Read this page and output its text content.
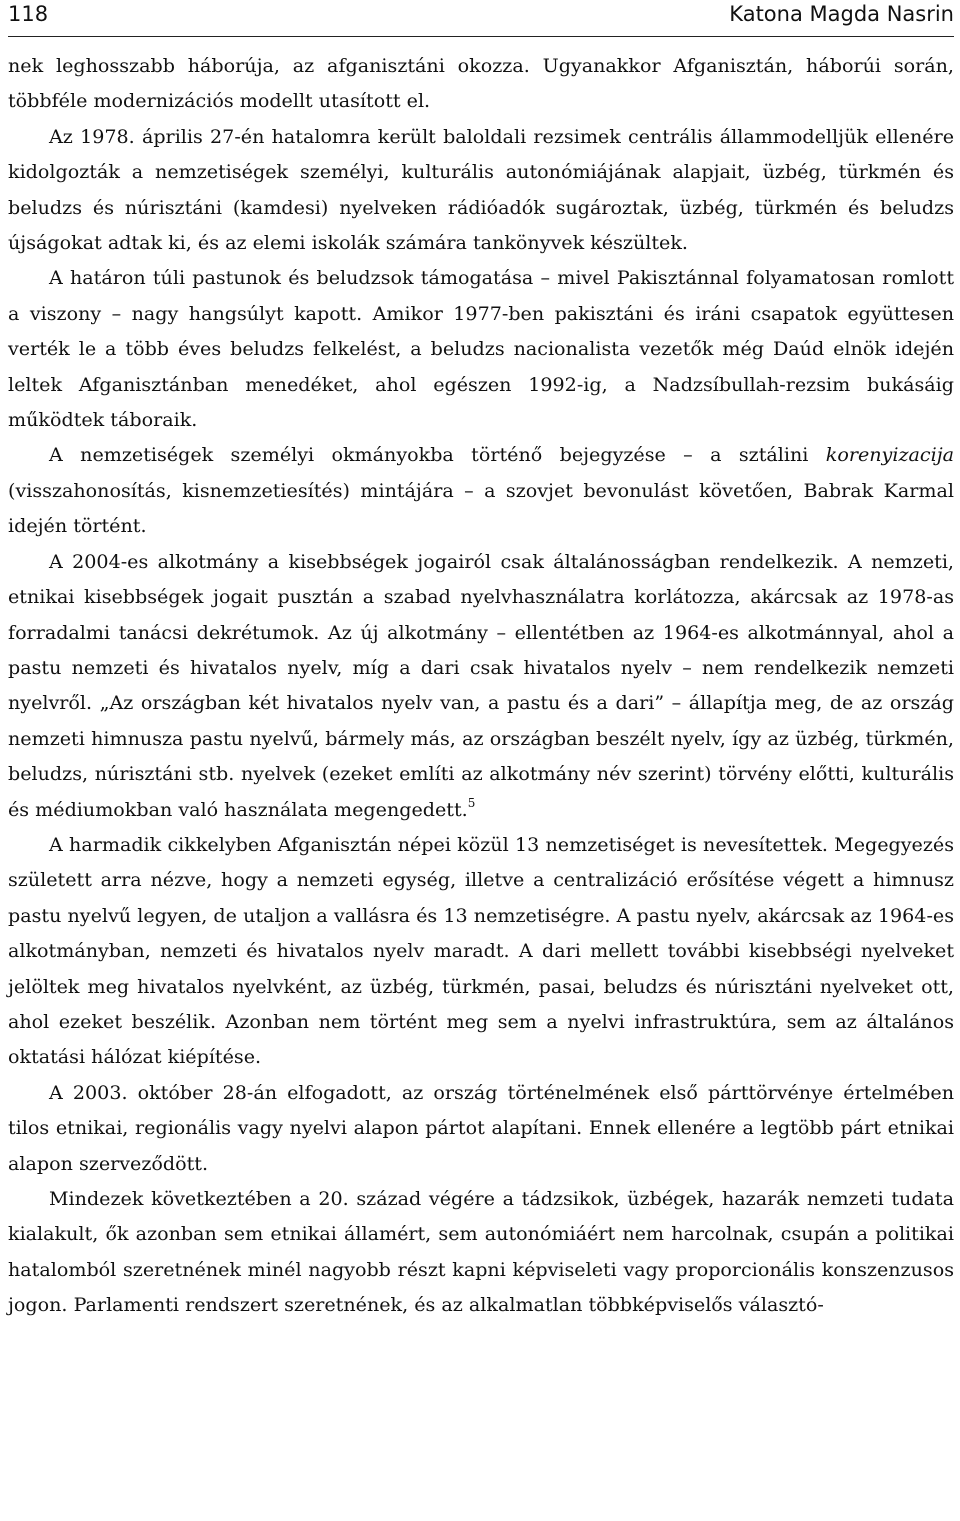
118	Katona Magda Nasrin

nek leghosszabb háborúja, az afganisztáni okozza. Ugyanakkor Afganisztán, háborúi során, többféle modernizációs modellt utasított el.

Az 1978. április 27-én hatalomra került baloldali rezsimek centrális állammodelljük ellenére kidolgozták a nemzetiségek személyi, kulturális autonómiájának alapjait, üzbég, türkmén és beludzs és núrisztáni (kamdesi) nyelveken rádióadók sugároztak, üzbég, türkmén és beludzs újságokat adtak ki, és az elemi iskolák számára tankönyvek készültek.

A határon túli pastunok és beludzsok támogatása – mivel Pakisztánnal folyamatosan romlott a viszony – nagy hangsúlyt kapott. Amikor 1977-ben pakisztáni és iráni csapatok együttesen verték le a több éves beludzs felkelést, a beludzs nacionalista vezetők még Daúd elnök idején leltek Afganisztánban menedéket, ahol egészen 1992-ig, a Nadzsíbullah-rezsim bukásáig működtek táboraik.

A nemzetiségek személyi okmányokba történő bejegyzése – a sztálini korenyizacija (visszahonosítás, kisnemzetiesítés) mintájára – a szovjet bevonulást követően, Babrak Karmal idején történt.

A 2004-es alkotmány a kisebbségek jogairól csak általánosságban rendelkezik. A nemzeti, etnikai kisebbségek jogait pusztán a szabad nyelvhasználatra korlátozza, akárcsak az 1978-as forradalmi tanácsi dekrétumok. Az új alkotmány – ellentétben az 1964-es alkotmánnyal, ahol a pastu nemzeti és hivatalos nyelv, míg a dari csak hivatalos nyelv – nem rendelkezik nemzeti nyelvről. „Az országban két hivatalos nyelv van, a pastu és a dari” – állapítja meg, de az ország nemzeti himnusza pastu nyelvű, bármely más, az országban beszélt nyelv, így az üzbég, türkmén, beludzs, núrisztáni stb. nyelvek (ezeket említi az alkotmány név szerint) törvény előtti, kulturális és médiumokban való használata megengedett.$^5$

A harmadik cikkelyben Afganisztán népei közül 13 nemzetiséget is nevesítettek. Megegyezés született arra nézve, hogy a nemzeti egység, illetve a centralizáció erősítése végett a himnusz pastu nyelvű legyen, de utaljon a vallásra és 13 nemzetiségre. A pastu nyelv, akárcsak az 1964-es alkotmányban, nemzeti és hivatalos nyelv maradt. A dari mellett további kisebbségi nyelveket jelöltek meg hivatalos nyelvként, az üzbég, türkmén, pasai, beludzs és núrisztáni nyelveket ott, ahol ezeket beszélik. Azonban nem történt meg sem a nyelvi infrastruktúra, sem az általános oktatási hálózat kiépítése.

A 2003. október 28-án elfogadott, az ország történelmének első párttörvénye értelmében tilos etnikai, regionális vagy nyelvi alapon pártot alapítani. Ennek ellenére a legtöbb párt etnikai alapon szerveződött.

Mindezek következtében a 20. század végére a tádzsikok, üzbégek, hazarák nemzeti tudata kialakult, ők azonban sem etnikai államért, sem autonómiáért nem harcolnak, csupán a politikai hatalomból szeretnének minél nagyobb részt kapni képviseleti vagy proporcionális konszenzusos jogon. Parlamenti rendszert szeretnének, és az alkalmatlan többképviselős választó-
